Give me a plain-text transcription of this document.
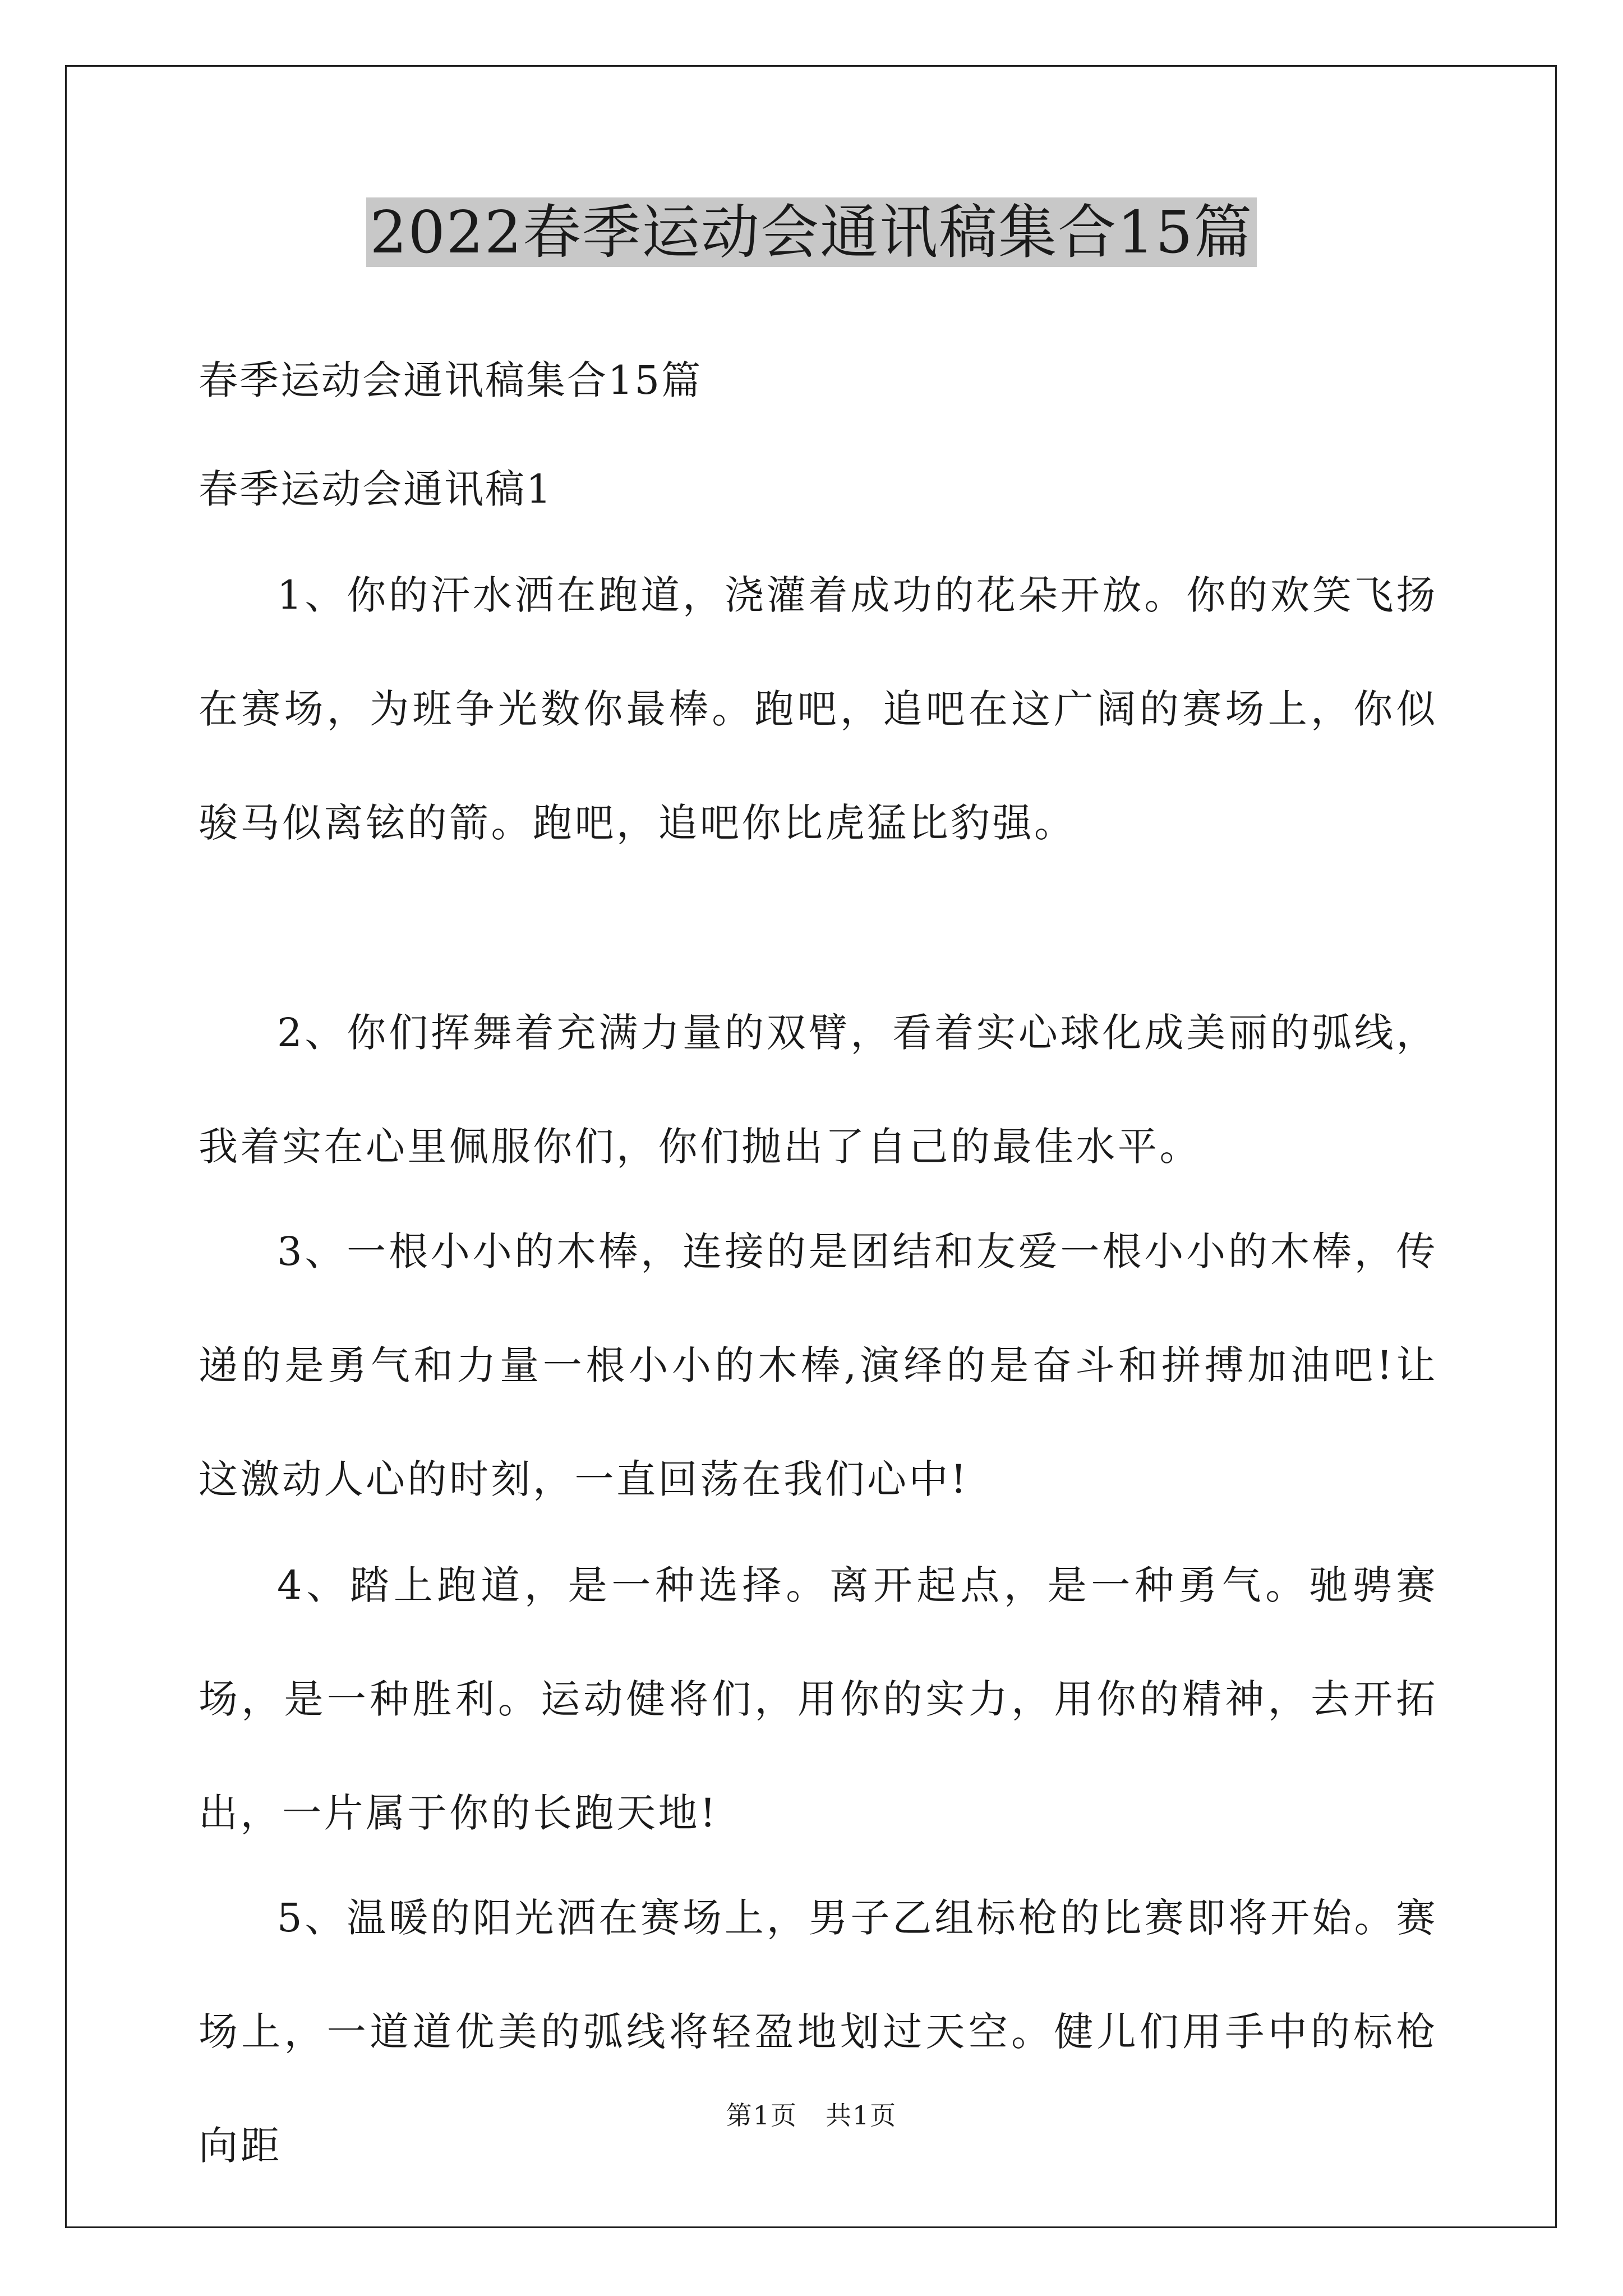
2022春季运动会通讯稿集合15篇
春季运动会通讯稿集合15篇
春季运动会通讯稿1

1、你的汗水洒在跑道，浇灌着成功的花朵开放。你的欢笑飞扬在赛场，为班争光数你最棒。跑吧，追吧在这广阔的赛场上，你似骏马似离铉的箭。跑吧，追吧你比虎猛比豹强。

2、你们挥舞着充满力量的双臂，看着实心球化成美丽的弧线，我着实在心里佩服你们，你们抛出了自己的最佳水平。

3、一根小小的木棒，连接的是团结和友爱一根小小的木棒，传递的是勇气和力量一根小小的木棒,演绎的是奋斗和拼搏加油吧!让这激动人心的时刻，一直回荡在我们心中!

4、踏上跑道，是一种选择。离开起点，是一种勇气。驰骋赛场，是一种胜利。运动健将们，用你的实力，用你的精神，去开拓出，一片属于你的长跑天地!

5、温暖的阳光洒在赛场上，男子乙组标枪的比赛即将开始。赛场上，一道道优美的弧线将轻盈地划过天空。健儿们用手中的标枪向距

第1页 共1页
